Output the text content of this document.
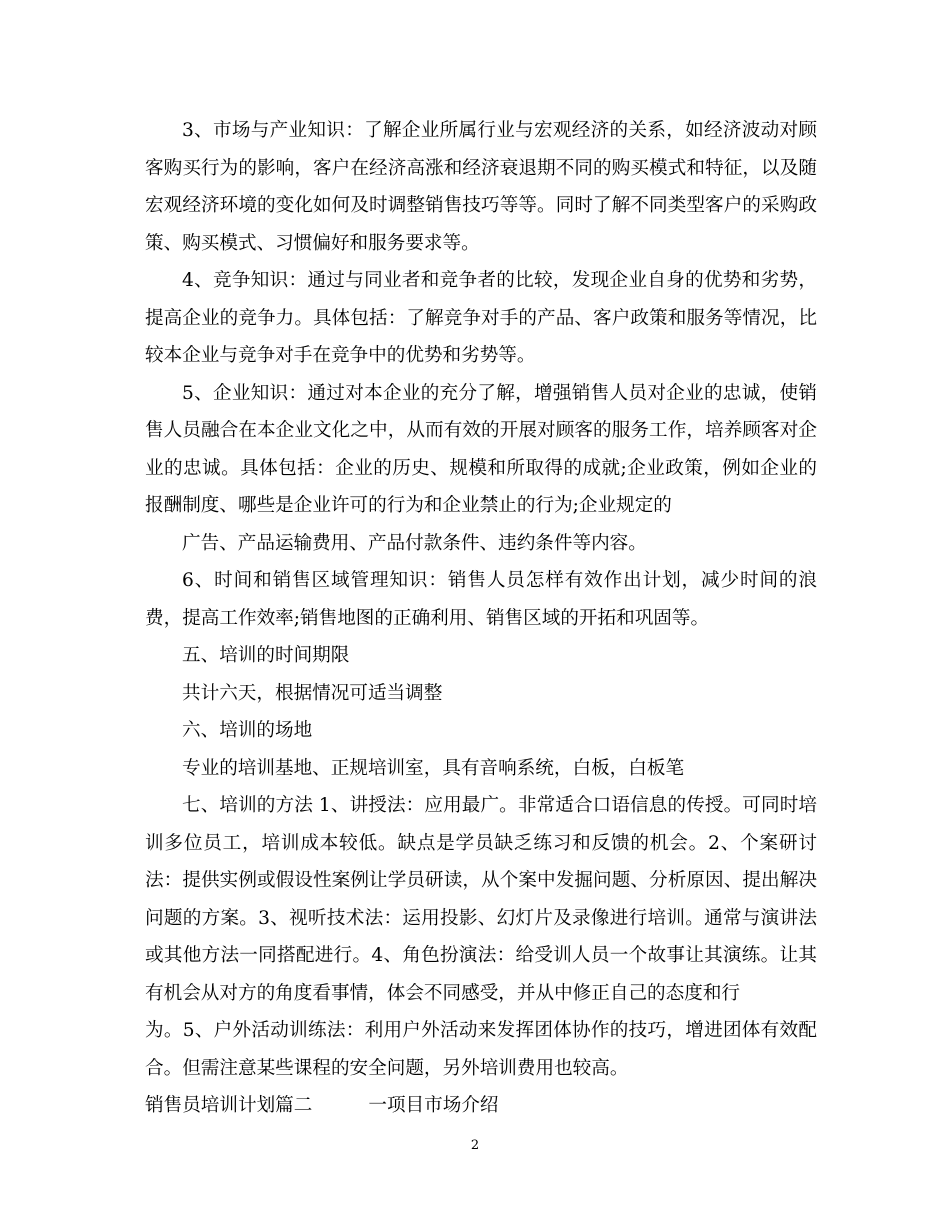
3、市场与产业知识：了解企业所属行业与宏观经济的关系，如经济波动对顾客购买行为的影响，客户在经济高涨和经济衰退期不同的购买模式和特征，以及随宏观经济环境的变化如何及时调整销售技巧等等。同时了解不同类型客户的采购政策、购买模式、习惯偏好和服务要求等。

4、竞争知识：通过与同业者和竞争者的比较，发现企业自身的优势和劣势，提高企业的竞争力。具体包括：了解竞争对手的产品、客户政策和服务等情况，比较本企业与竞争对手在竞争中的优势和劣势等。

5、企业知识：通过对本企业的充分了解，增强销售人员对企业的忠诚，使销售人员融合在本企业文化之中，从而有效的开展对顾客的服务工作，培养顾客对企业的忠诚。具体包括：企业的历史、规模和所取得的成就;企业政策，例如企业的报酬制度、哪些是企业许可的行为和企业禁止的行为;企业规定的

广告、产品运输费用、产品付款条件、违约条件等内容。

6、时间和销售区域管理知识：销售人员怎样有效作出计划，减少时间的浪费，提高工作效率;销售地图的正确利用、销售区域的开拓和巩固等。

五、培训的时间期限

共计六天，根据情况可适当调整

六、培训的场地

专业的培训基地、正规培训室，具有音响系统，白板，白板笔

七、培训的方法 1、讲授法：应用最广。非常适合口语信息的传授。可同时培训多位员工，培训成本较低。缺点是学员缺乏练习和反馈的机会。2、个案研讨法：提供实例或假设性案例让学员研读，从个案中发掘问题、分析原因、提出解决问题的方案。3、视听技术法：运用投影、幻灯片及录像进行培训。通常与演讲法或其他方法一同搭配进行。4、角色扮演法：给受训人员一个故事让其演练。让其有机会从对方的角度看事情，体会不同感受，并从中修正自己的态度和行

为。5、户外活动训练法：利用户外活动来发挥团体协作的技巧，增进团体有效配合。但需注意某些课程的安全问题，另外培训费用也较高。

销售员培训计划篇二	一项目市场介绍

2
